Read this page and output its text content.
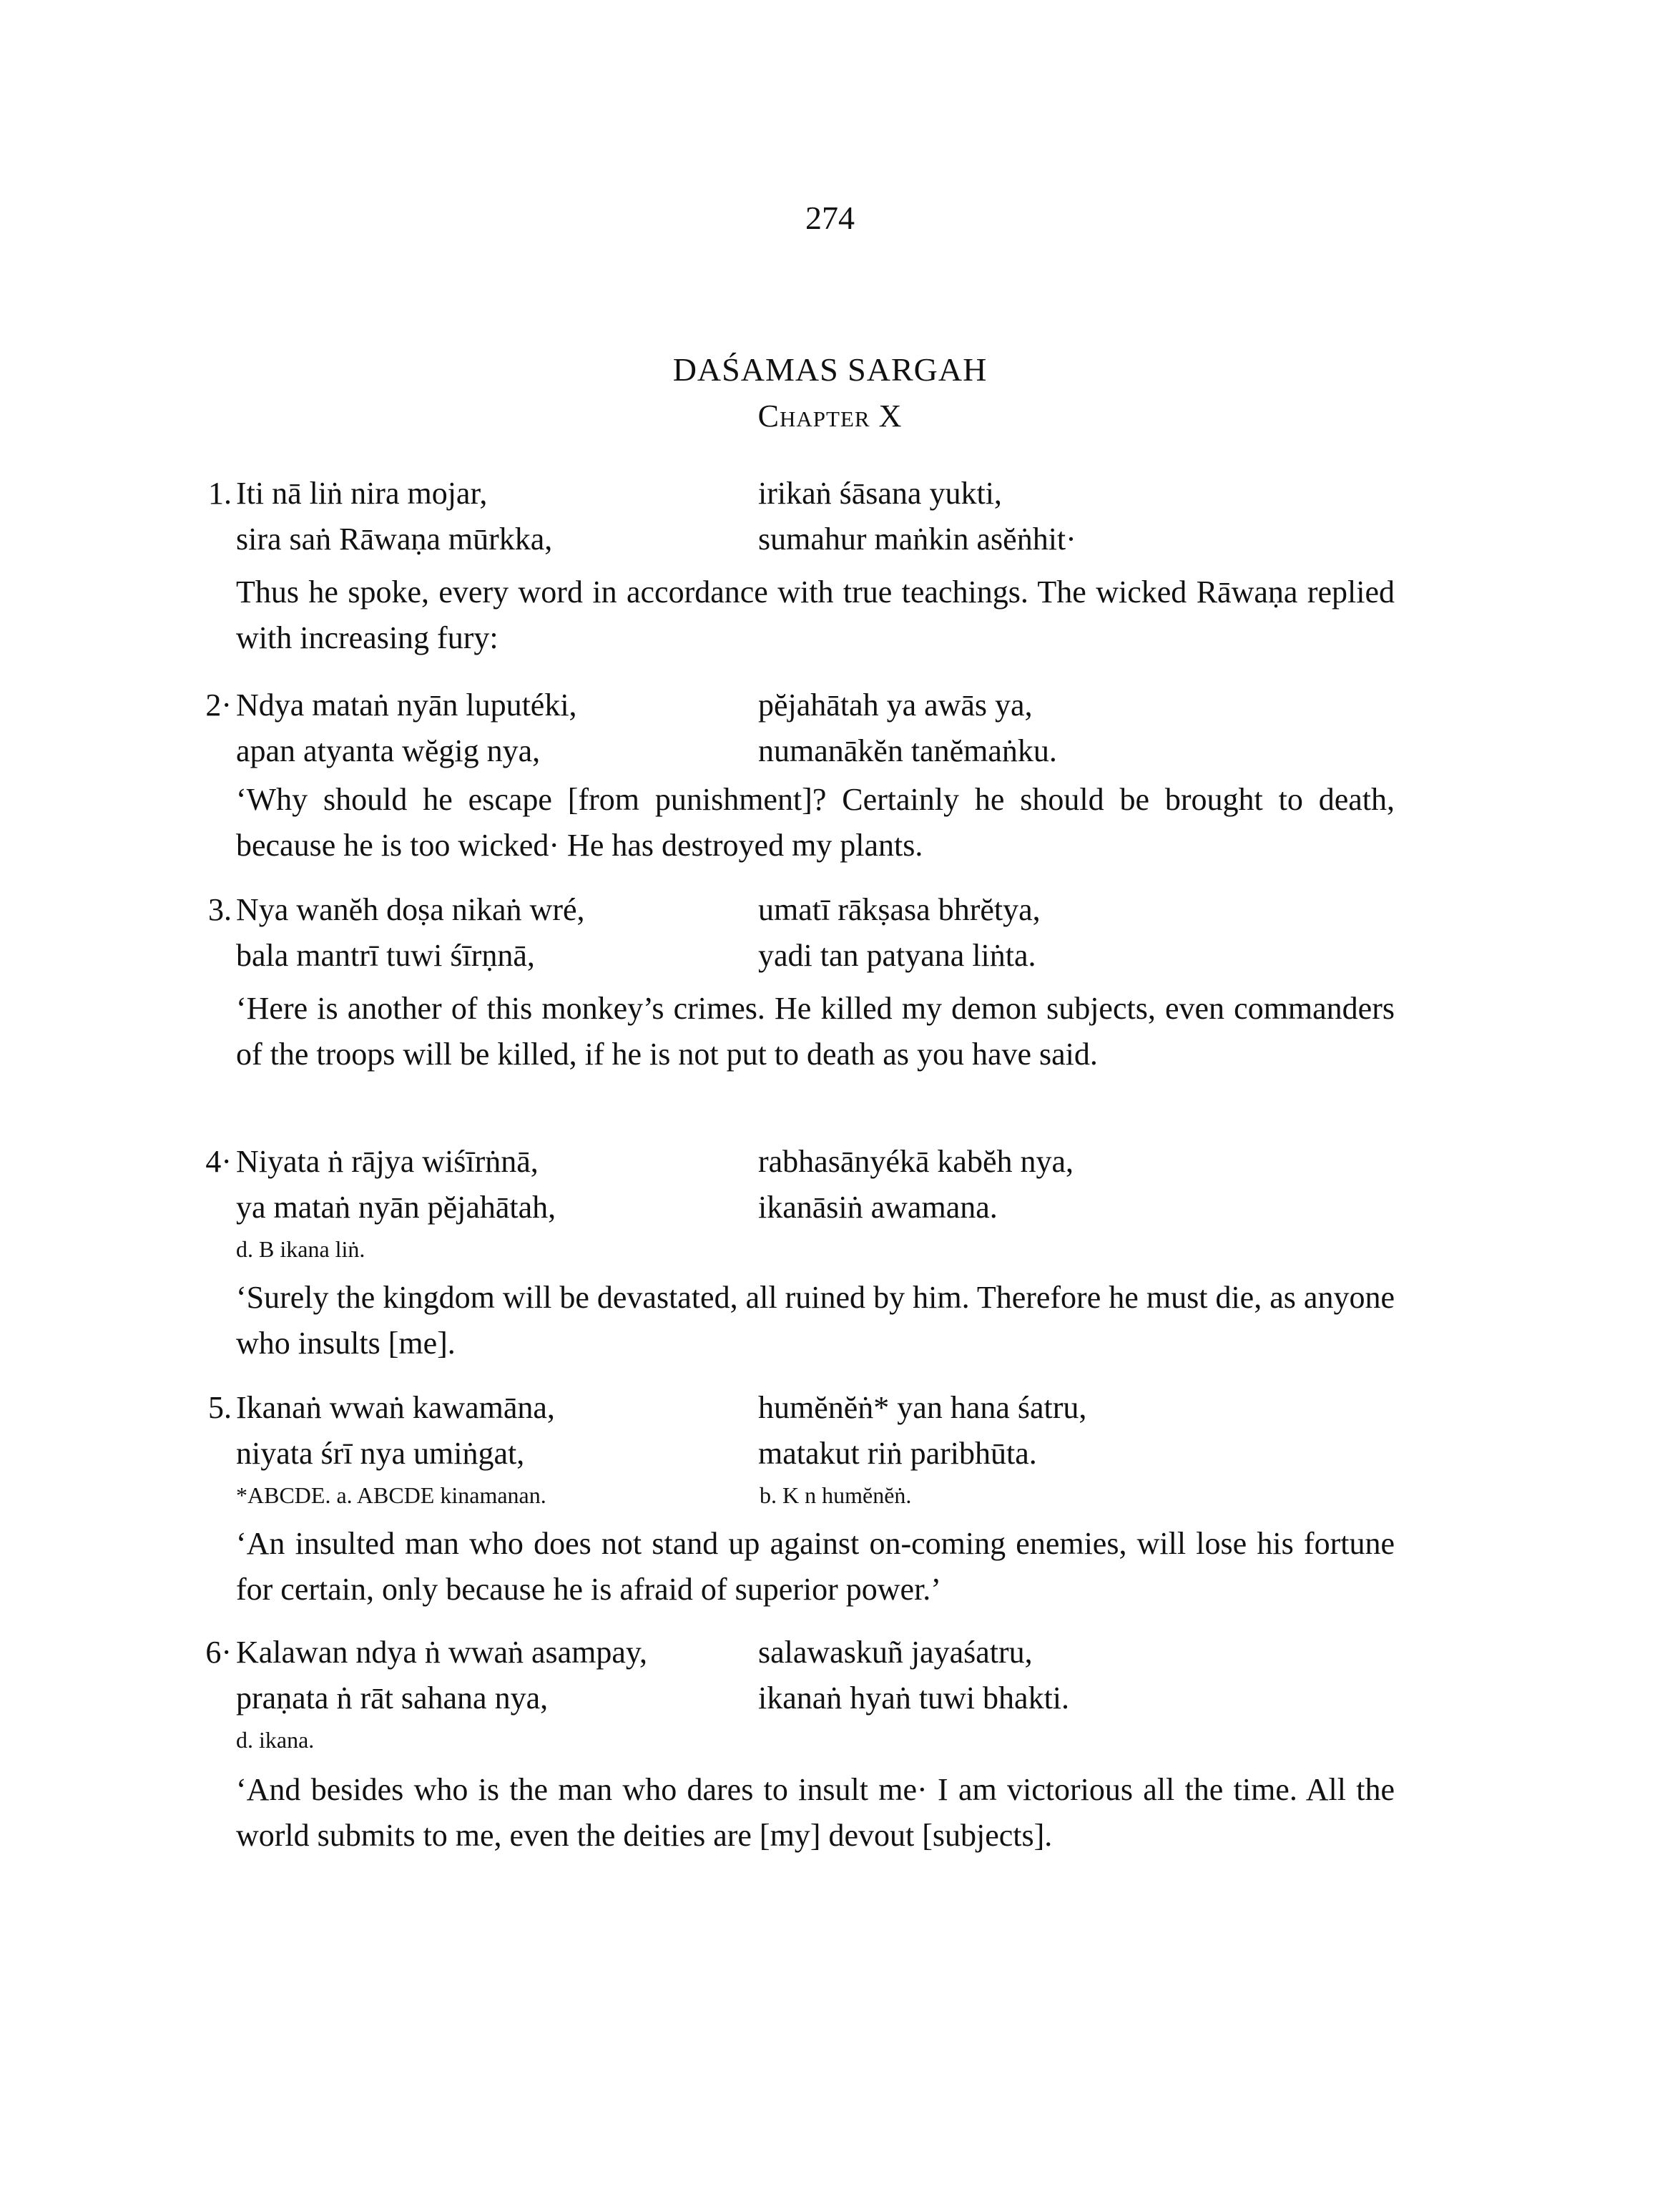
274
DAŚAMAS SARGAH
Chapter X
1. Iti nā liṅ nira mojar,	irikaṅ śāsana yukti,
sira saṅ Rāwaṇa mūrkka,	sumahur maṅkin asĕṅhit·
Thus he spoke, every word in accordance with true teachings. The wicked Rāwaṇa replied with increasing fury:
2· Ndya mataṅ nyān luputéki,	pĕjahātah ya awās ya,
apan atyanta wĕgig nya,	numanākĕn tanĕmaṅku.
‘Why should he escape [from punishment]? Certainly he should be brought to death, because he is too wicked· He has destroyed my plants.
3. Nya wanĕh doṣa nikaṅ wré,	umatī rākṣasa bhrĕtya,
bala mantrī tuwi śīrṇnā,	yadi tan patyana liṅta.
‘Here is another of this monkey’s crimes. He killed my demon subjects, even commanders of the troops will be killed, if he is not put to death as you have said.
4· Niyata ṅ rājya wiśīrṅnā,	rabhasānyékā kabĕh nya,
ya mataṅ nyān pĕjahātah,	ikanāsiṅ awamana.
d. B ikana liṅ.
‘Surely the kingdom will be devastated, all ruined by him. Therefore he must die, as anyone who insults [me].
5. Ikanaṅ wwaṅ kawamāna,	humĕnĕṅ* yan hana śatru,
niyata śrī nya umiṅgat,	matakut riṅ paribhūta.
*ABCDE. a. ABCDE kinamanan.	b. K n humĕnĕṅ.
‘An insulted man who does not stand up against on-coming enemies, will lose his fortune for certain, only because he is afraid of superior power.’
6· Kalawan ndya ṅ wwaṅ asampay,	salawaskuñ jayaśatru,
praṇata ṅ rāt sahana nya,	ikanaṅ hyaṅ tuwi bhakti.
d. ikana.
‘And besides who is the man who dares to insult me· I am victorious all the time. All the world submits to me, even the deities are [my] devout [subjects].
